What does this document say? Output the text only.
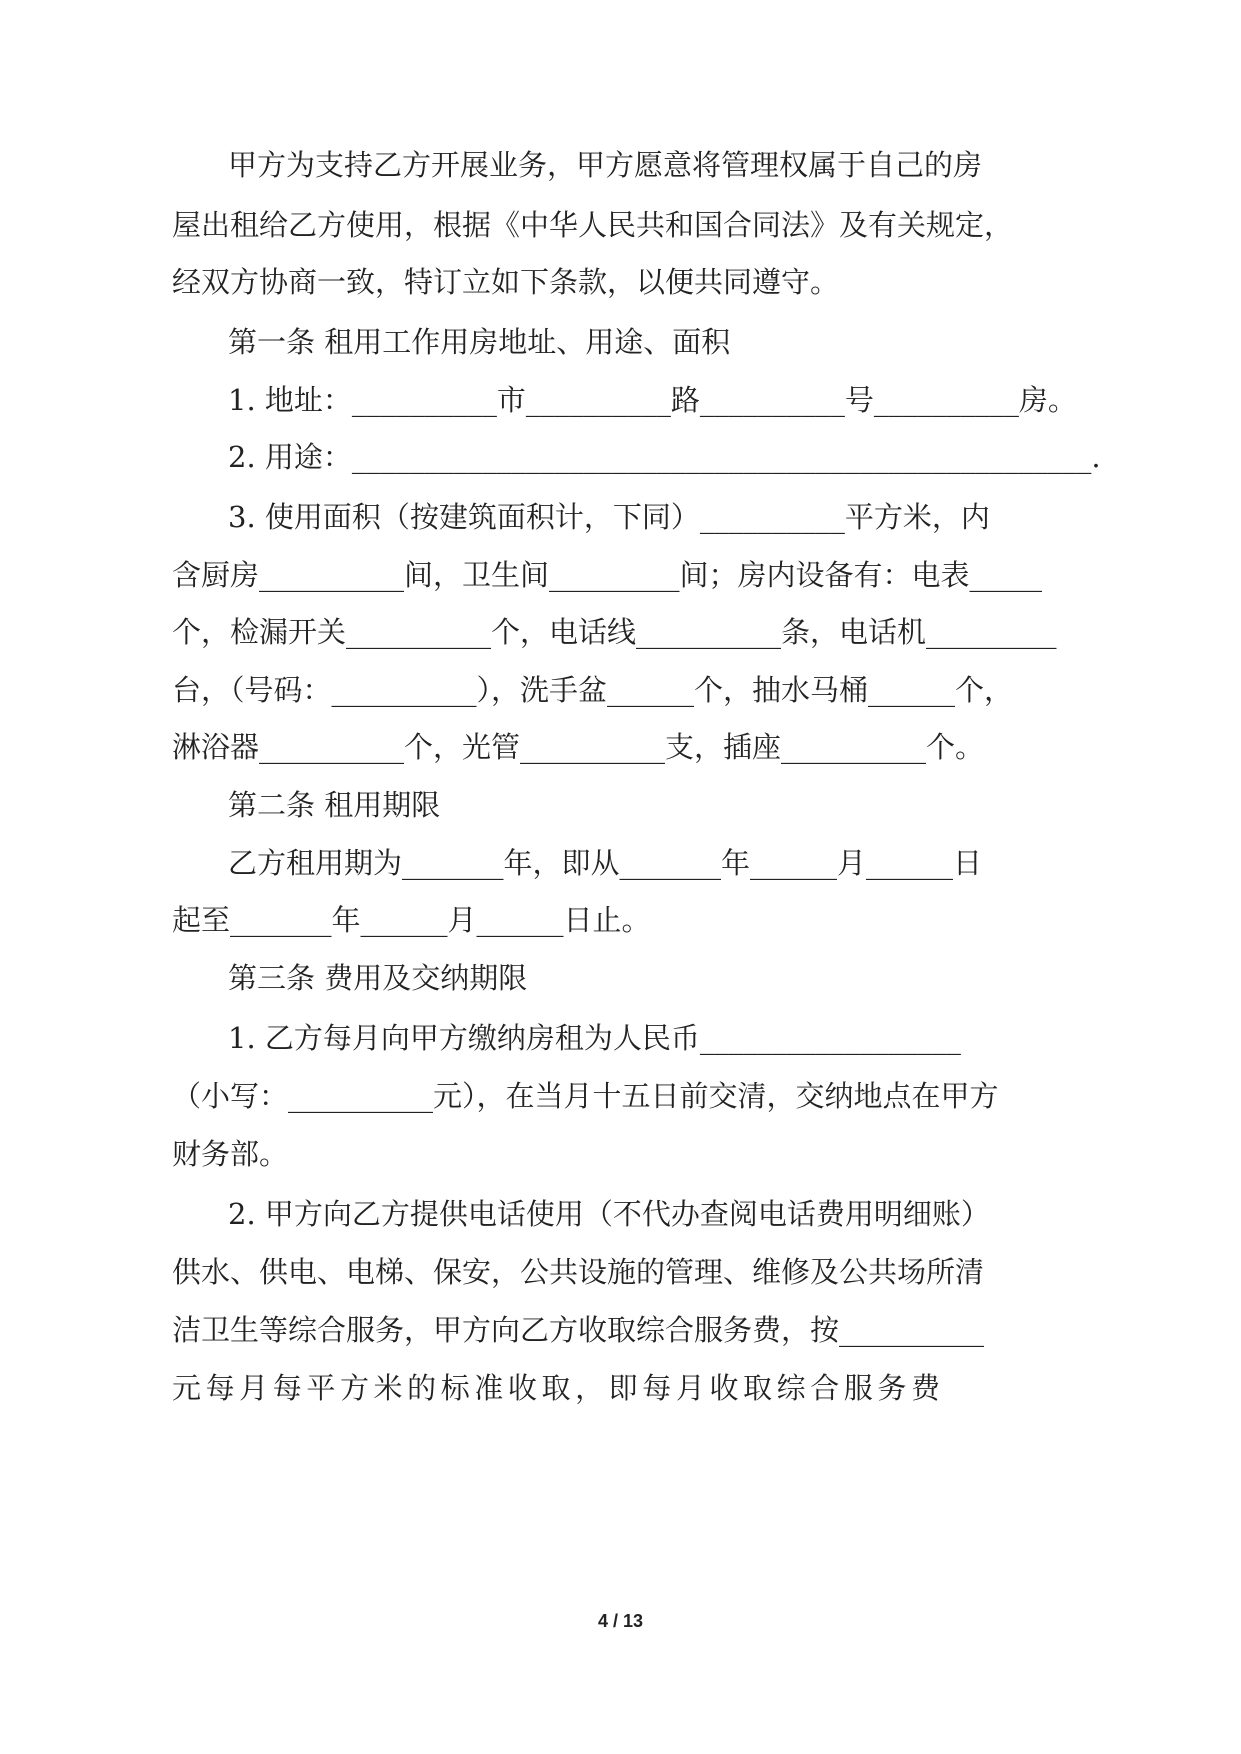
甲方为支持乙方开展业务，甲方愿意将管理权属于自己的房
屋出租给乙方使用，根据《中华人民共和国合同法》及有关规定，
经双方协商一致，特订立如下条款，以便共同遵守。
第一条 租用工作用房地址、用途、面积
1. 地址：__________市__________路__________号__________房。
2. 用途：___________________________________________________.
3. 使用面积（按建筑面积计，下同）__________平方米，内
含厨房__________间，卫生间_________间；房内设备有：电表_____
个，检漏开关__________个，电话线__________条，电话机_________
台，（号码：__________），洗手盆______个，抽水马桶______个，
淋浴器__________个，光管__________支，插座__________个。
第二条 租用期限
乙方租用期为_______年，即从_______年______月______日
起至_______年______月______日止。
第三条 费用及交纳期限
1. 乙方每月向甲方缴纳房租为人民币__________________
（小写：__________元），在当月十五日前交清，交纳地点在甲方
财务部。
2. 甲方向乙方提供电话使用（不代办查阅电话费用明细账）
供水、供电、电梯、保安，公共设施的管理、维修及公共场所清
洁卫生等综合服务，甲方向乙方收取综合服务费，按__________
元每月每平方米的标准收取，即每月收取综合服务费
4 / 13
